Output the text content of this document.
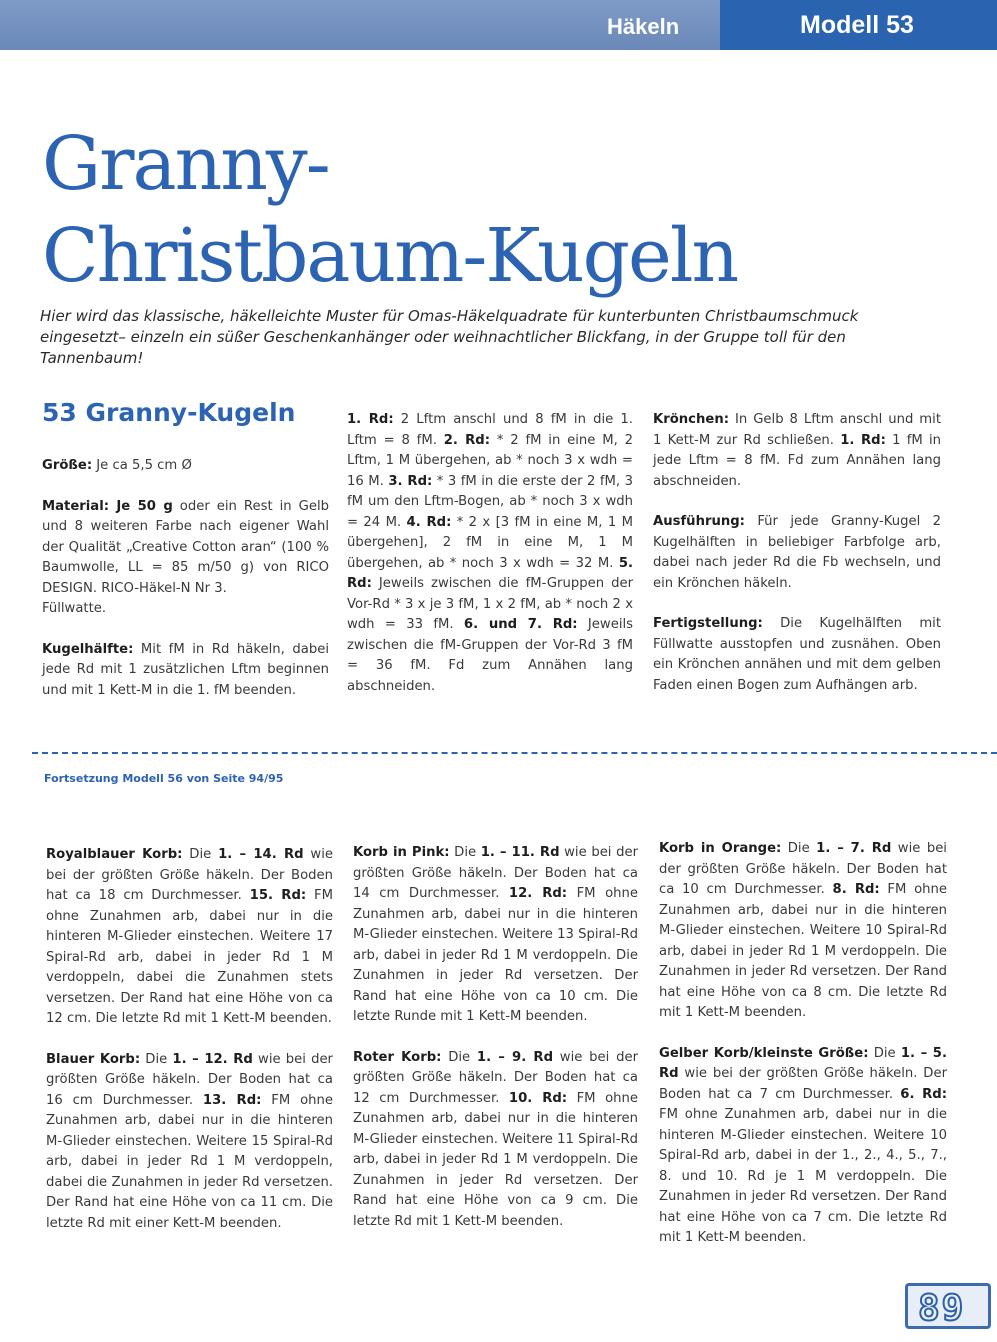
Häkeln	Modell 53
Granny-
Christbaum-Kugeln

Hier wird das klassische, häkelleichte Muster für Omas-Häkelquadrate für kunterbunten Christbaumschmuck eingesetzt– einzeln ein süßer Geschenkanhänger oder weihnachtlicher Blickfang, in der Gruppe toll für den Tannenbaum!

53 Granny-Kugeln

Größe: Je ca 5,5 cm Ø

Material: Je 50 g oder ein Rest in Gelb und 8 weiteren Farbe nach eigener Wahl der Qualität „Creative Cotton aran“ (100 % Baumwolle, LL = 85 m/50 g) von RICO DESIGN. RICO-Häkel-N Nr 3.
Füllwatte.

Kugelhälfte: Mit fM in Rd häkeln, dabei jede Rd mit 1 zusätzlichen Lftm beginnen und mit 1 Kett-M in die 1. fM beenden.

1. Rd: 2 Lftm anschl und 8 fM in die 1. Lftm = 8 fM. 2. Rd: * 2 fM in eine M, 2 Lftm, 1 M übergehen, ab * noch 3 x wdh = 16 M. 3. Rd: * 3 fM in die erste der 2 fM, 3 fM um den Lftm-Bogen, ab * noch 3 x wdh = 24 M. 4. Rd: * 2 x [3 fM in eine M, 1 M übergehen], 2 fM in eine M, 1 M übergehen, ab * noch 3 x wdh = 32 M. 5. Rd: Jeweils zwischen die fM-Gruppen der Vor-Rd * 3 x je 3 fM, 1 x 2 fM, ab * noch 2 x wdh = 33 fM. 6. und 7. Rd: Jeweils zwischen die fM-Gruppen der Vor-Rd 3 fM = 36 fM. Fd zum Annähen lang abschneiden.

Krönchen: In Gelb 8 Lftm anschl und mit 1 Kett-M zur Rd schließen. 1. Rd: 1 fM in jede Lftm = 8 fM. Fd zum Annähen lang abschneiden.

Ausführung: Für jede Granny-Kugel 2 Kugelhälften in beliebiger Farbfolge arb, dabei nach jeder Rd die Fb wechseln, und ein Krönchen häkeln.

Fertigstellung: Die Kugelhälften mit Füllwatte ausstopfen und zusnähen. Oben ein Krönchen annähen und mit dem gelben Faden einen Bogen zum Aufhängen arb.

Fortsetzung Modell 56 von Seite 94/95

Royalblauer Korb: Die 1. – 14. Rd wie bei der größten Größe häkeln. Der Boden hat ca 18 cm Durchmesser. 15. Rd: FM ohne Zunahmen arb, dabei nur in die hinteren M-Glieder einstechen. Weitere 17 Spiral-Rd arb, dabei in jeder Rd 1 M verdoppeln, dabei die Zunahmen stets versetzen. Der Rand hat eine Höhe von ca 12 cm. Die letzte Rd mit 1 Kett-M beenden.

Blauer Korb: Die 1. – 12. Rd wie bei der größten Größe häkeln. Der Boden hat ca 16 cm Durchmesser. 13. Rd: FM ohne Zunahmen arb, dabei nur in die hinteren M-Glieder einstechen. Weitere 15 Spiral-Rd arb, dabei in jeder Rd 1 M verdoppeln, dabei die Zunahmen in jeder Rd versetzen. Der Rand hat eine Höhe von ca 11 cm. Die letzte Rd mit einer Kett-M beenden.

Korb in Pink: Die 1. – 11. Rd wie bei der größten Größe häkeln. Der Boden hat ca 14 cm Durchmesser. 12. Rd: FM ohne Zunahmen arb, dabei nur in die hinteren M-Glieder einstechen. Weitere 13 Spiral-Rd arb, dabei in jeder Rd 1 M verdoppeln. Die Zunahmen in jeder Rd versetzen. Der Rand hat eine Höhe von ca 10 cm. Die letzte Runde mit 1 Kett-M beenden.

Roter Korb: Die 1. – 9. Rd wie bei der größten Größe häkeln. Der Boden hat ca 12 cm Durchmesser. 10. Rd: FM ohne Zunahmen arb, dabei nur in die hinteren M-Glieder einstechen. Weitere 11 Spiral-Rd arb, dabei in jeder Rd 1 M verdoppeln. Die Zunahmen in jeder Rd versetzen. Der Rand hat eine Höhe von ca 9 cm. Die letzte Rd mit 1 Kett-M beenden.

Korb in Orange: Die 1. – 7. Rd wie bei der größten Größe häkeln. Der Boden hat ca 10 cm Durchmesser. 8. Rd: FM ohne Zunahmen arb, dabei nur in die hinteren M-Glieder einstechen. Weitere 10 Spiral-Rd arb, dabei in jeder Rd 1 M verdoppeln. Die Zunahmen in jeder Rd versetzen. Der Rand hat eine Höhe von ca 8 cm. Die letzte Rd mit 1 Kett-M beenden.

Gelber Korb/kleinste Größe: Die 1. – 5. Rd wie bei der größten Größe häkeln. Der Boden hat ca 7 cm Durchmesser. 6. Rd: FM ohne Zunahmen arb, dabei nur in die hinteren M-Glieder einstechen. Weitere 10 Spiral-Rd arb, dabei in der 1., 2., 4., 5., 7., 8. und 10. Rd je 1 M verdoppeln. Die Zunahmen in jeder Rd versetzen. Der Rand hat eine Höhe von ca 7 cm. Die letzte Rd mit 1 Kett-M beenden.

89
